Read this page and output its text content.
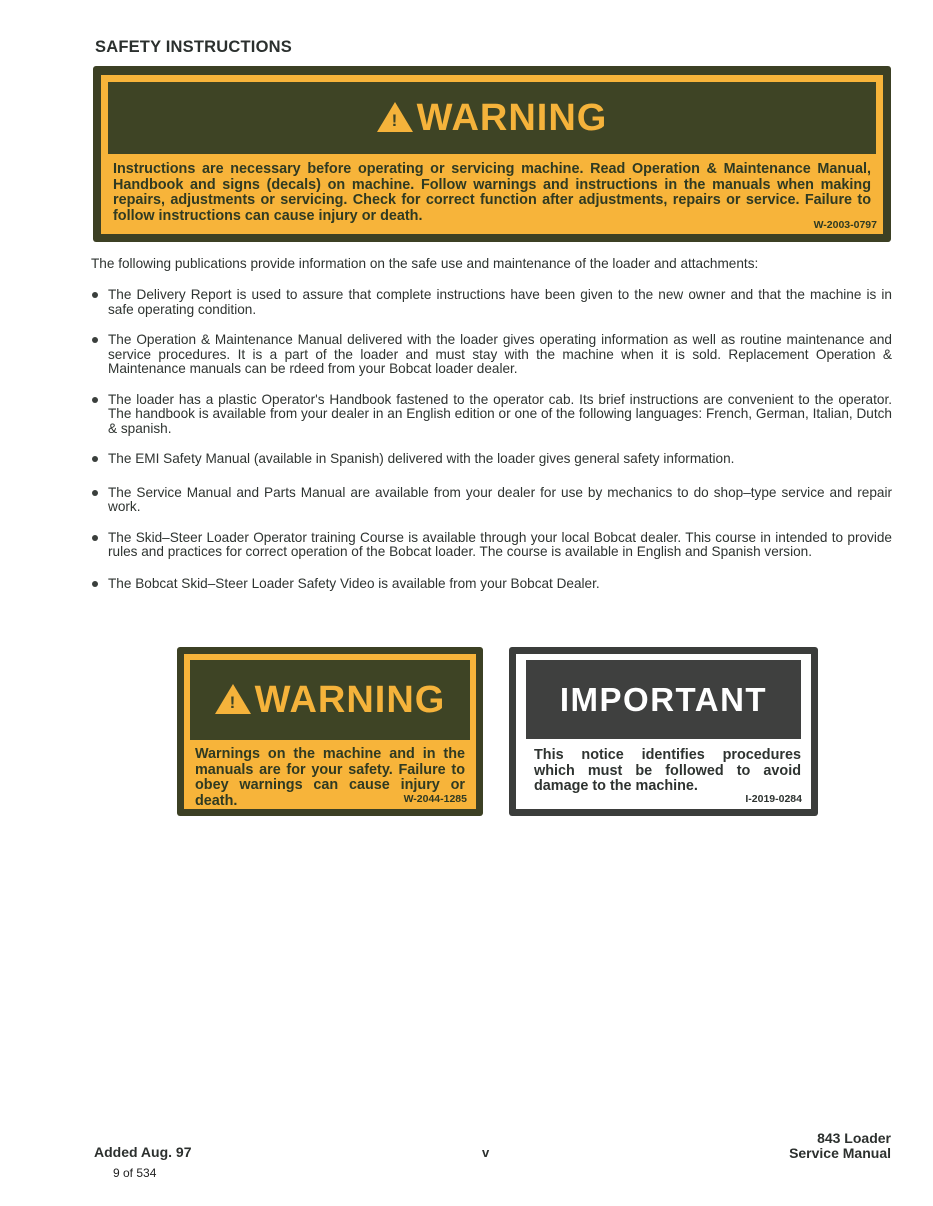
SAFETY INSTRUCTIONS
! WARNING
Instructions are necessary before operating or servicing machine. Read Operation & Maintenance Manual, Handbook and signs (decals) on machine. Follow warnings and instructions in the manuals when making repairs, adjustments or servicing. Check for correct function after adjustments, repairs or service. Failure to follow instructions can cause injury or death.
W-2003-0797
The following publications provide information on the safe use and maintenance of the loader and attachments:
The Delivery Report is used to assure that complete instructions have been given to the new owner and that the machine is in safe operating condition.
The Operation & Maintenance Manual delivered with the loader gives operating information as well as routine maintenance and service procedures. It is a part of the loader and must stay with the machine when it is sold. Replacement Operation & Maintenance manuals can be rdeed from your Bobcat loader dealer.
The loader has a plastic Operator's Handbook fastened to the operator cab. Its brief instructions are convenient to the operator. The handbook is available from your dealer in an English edition or one of the following languages: French, German, Italian, Dutch & spanish.
The EMI Safety Manual (available in Spanish) delivered with the loader gives general safety information.
The Service Manual and Parts Manual are available from your dealer for use by mechanics to do shop–type service and repair work.
The Skid–Steer Loader Operator training Course is available through your local Bobcat dealer. This course in intended to provide rules and practices for correct operation of the Bobcat loader. The course is available in English and Spanish version.
The Bobcat Skid–Steer Loader Safety Video is available from your Bobcat Dealer.
! WARNING
Warnings on the machine and in the manuals are for your safety. Failure to obey warnings can cause injury or death.	W-2044-1285
IMPORTANT
This notice identifies procedures which must be followed to avoid damage to the machine.
I-2019-0284
Added Aug. 97
9 of 534
v
843 Loader
Service Manual
